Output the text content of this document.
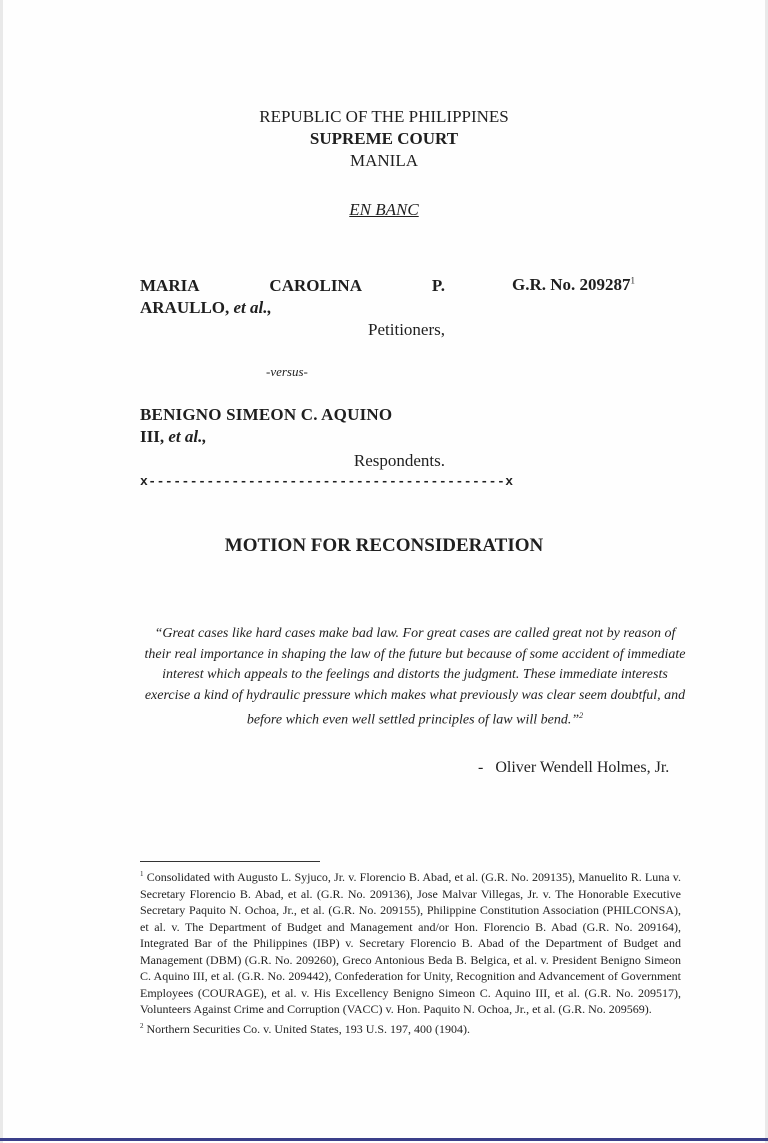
REPUBLIC OF THE PHILIPPINES
SUPREME COURT
MANILA
EN BANC
MARIA	CAROLINA	P.
ARAULLO, et al.,
G.R. No. 209287$^1$
Petitioners,
-versus-
BENIGNO SIMEON C. AQUINO
III, et al.,
Respondents.
x-------------------------------------------x
MOTION FOR RECONSIDERATION
“Great cases like hard cases make bad law. For great cases are called great not by reason of their real importance in shaping the law of the future but because of some accident of immediate interest which appeals to the feelings and distorts the judgment. These immediate interests exercise a kind of hydraulic pressure which makes what previously was clear seem doubtful, and before which even well settled principles of law will bend.”$^2$
- Oliver Wendell Holmes, Jr.

$^1$ Consolidated with Augusto L. Syjuco, Jr. v. Florencio B. Abad, et al. (G.R. No. 209135), Manuelito R. Luna v. Secretary Florencio B. Abad, et al. (G.R. No. 209136), Jose Malvar Villegas, Jr. v. The Honorable Executive Secretary Paquito N. Ochoa, Jr., et al. (G.R. No. 209155), Philippine Constitution Association (PHILCONSA), et al. v. The Department of Budget and Management and/or Hon. Florencio B. Abad (G.R. No. 209164), Integrated Bar of the Philippines (IBP) v. Secretary Florencio B. Abad of the Department of Budget and Management (DBM) (G.R. No. 209260), Greco Antonious Beda B. Belgica, et al. v. President Benigno Simeon C. Aquino III, et al. (G.R. No. 209442), Confederation for Unity, Recognition and Advancement of Government Employees (COURAGE), et al. v. His Excellency Benigno Simeon C. Aquino III, et al. (G.R. No. 209517), Volunteers Against Crime and Corruption (VACC) v. Hon. Paquito N. Ochoa, Jr., et al. (G.R. No. 209569).

$^2$ Northern Securities Co. v. United States, 193 U.S. 197, 400 (1904).
